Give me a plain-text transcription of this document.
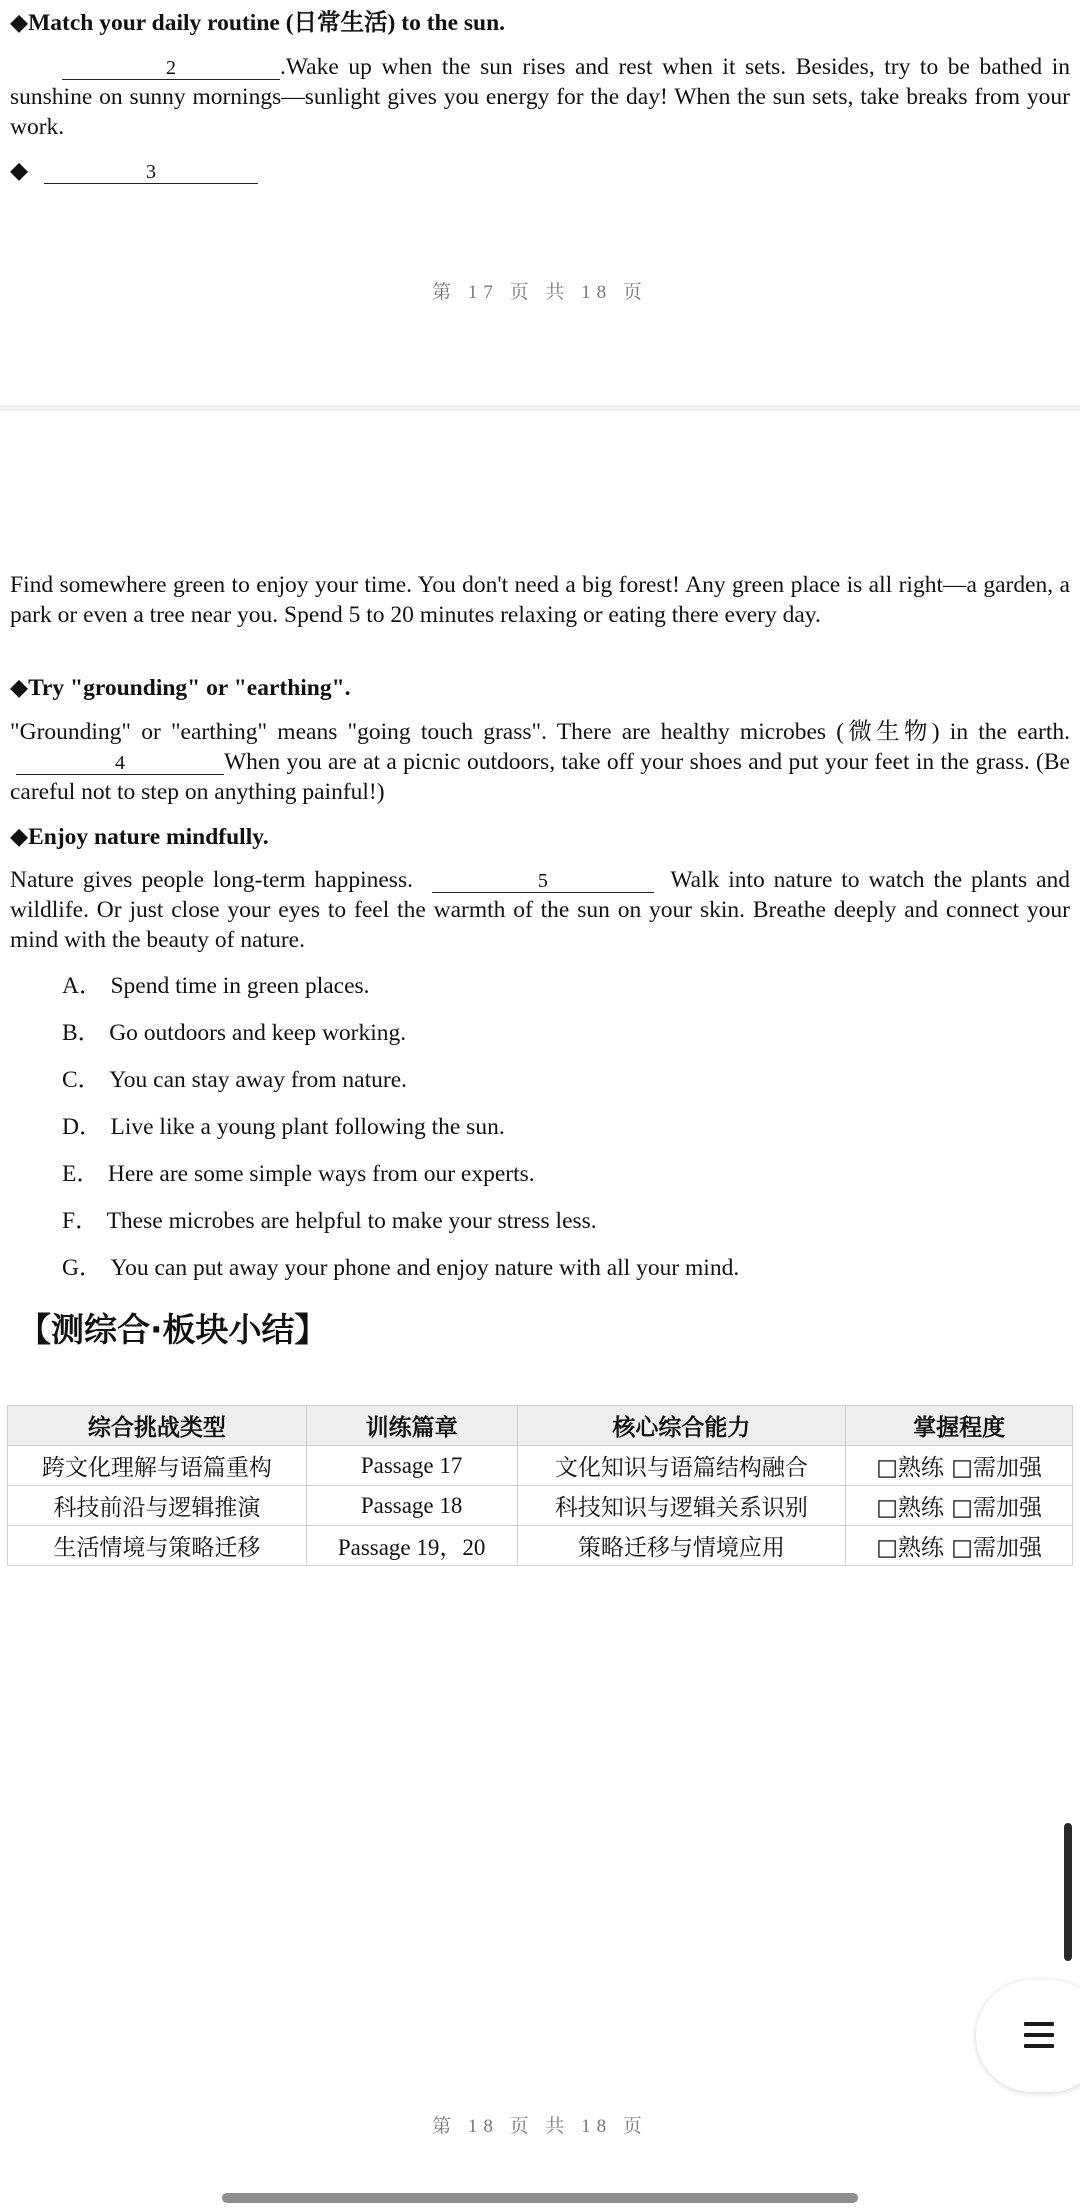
◆Match your daily routine (日常生活) to the sun.

2	.Wake up when the sun rises and rest when it sets. Besides, try to be bathed in sunshine on sunny mornings—sunlight gives you energy for the day! When the sun sets, take breaks from your work.

◆	3
第 17 页 共 18 页

Find somewhere green to enjoy your time. You don't need a big forest! Any green place is all right—a garden, a park or even a tree near you. Spend 5 to 20 minutes relaxing or eating there every day.

◆Try "grounding" or "earthing".

"Grounding" or "earthing" means "going touch grass". There are healthy microbes (微生物) in the earth. 4	When you are at a picnic outdoors, take off your shoes and put your feet in the grass. (Be careful not to step on anything painful!)

◆Enjoy nature mindfully.

Nature gives people long-term happiness.	5	Walk into nature to watch the plants and wildlife. Or just close your eyes to feel the warmth of the sun on your skin. Breathe deeply and connect your mind with the beauty of nature.

A． Spend time in green places.
B． Go outdoors and keep working.
C． You can stay away from nature.
D． Live like a young plant following the sun.
E． Here are some simple ways from our experts.
F． These microbes are helpful to make your stress less.
G． You can put away your phone and enjoy nature with all your mind.
【测综合·板块小结】
综合挑战类型	训练篇章	核心综合能力	掌握程度
跨文化理解与语篇重构	Passage 17	文化知识与语篇结构融合	□熟练 □需加强
科技前沿与逻辑推演	Passage 18	科技知识与逻辑关系识别	□熟练 □需加强
生活情境与策略迁移	Passage 19，20	策略迁移与情境应用	□熟练 □需加强
第 18 页 共 18 页
